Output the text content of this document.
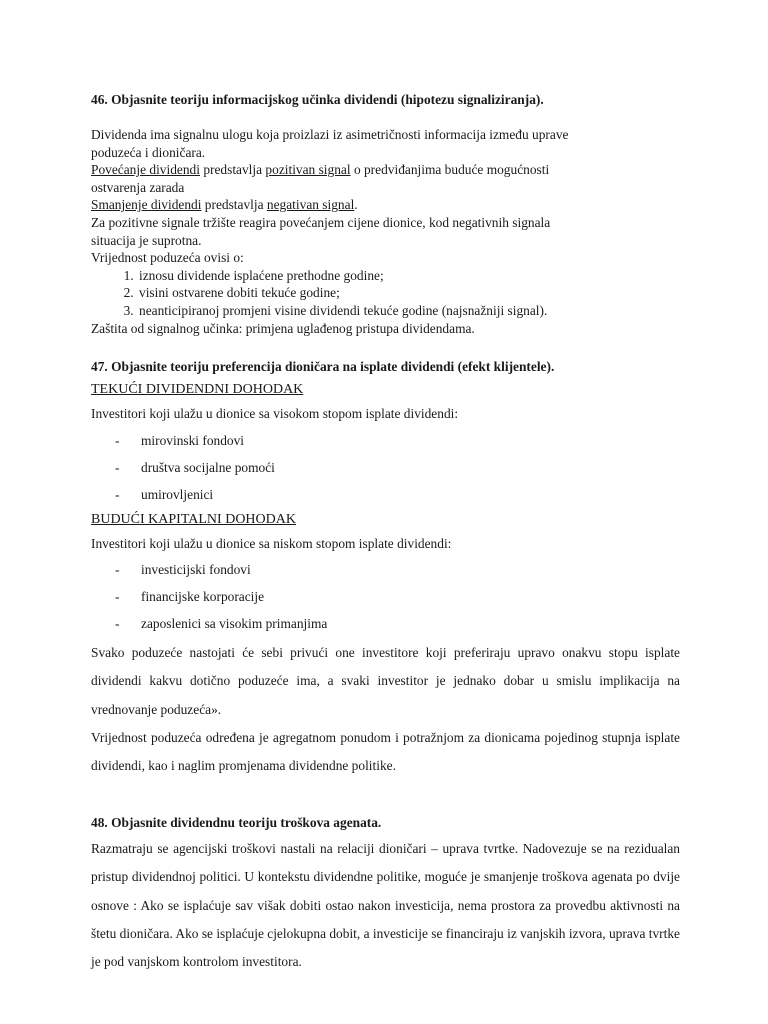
46. Objasnite teoriju informacijskog učinka dividendi (hipotezu signaliziranja).

Dividenda ima signalnu ulogu koja proizlazi iz asimetričnosti informacija između uprave

poduzeća i dioničara.

Povećanje dividendi predstavlja pozitivan signal o predviđanjima buduće mogućnosti

ostvarenja zarada

Smanjenje dividendi predstavlja negativan signal.

Za pozitivne signale tržište reagira povećanjem cijene dionice, kod negativnih signala

situacija je suprotna.

Vrijednost poduzeća ovisi o:

1. iznosu dividende isplaćene prethodne godine;
2. visini ostvarene dobiti tekuće godine;
3. neanticipiranoj promjeni visine dividendi tekuće godine (najsnažniji signal).

Zaštita od signalnog učinka: primjena uglađenog pristupa dividendama.

47. Objasnite teoriju preferencija dioničara na isplate dividendi (efekt klijentele).

TEKUĆI DIVIDENDNI DOHODAK

Investitori koji ulažu u dionice sa visokom stopom isplate dividendi:

- mirovinski fondovi
- društva socijalne pomoći
- umirovljenici

BUDUĆI KAPITALNI DOHODAK

Investitori koji ulažu u dionice sa niskom stopom isplate dividendi:

- investicijski fondovi
- financijske korporacije
- zaposlenici sa visokim primanjima

Svako poduzeće nastojati će sebi privući one investitore koji preferiraju upravo onakvu stopu isplate dividendi kakvu dotično poduzeće ima, a svaki investitor je jednako dobar u smislu implikacija na vrednovanje poduzeća».

Vrijednost poduzeća određena je agregatnom ponudom i potražnjom za dionicama pojedinog stupnja isplate dividendi, kao i naglim promjenama dividendne politike.

48. Objasnite dividendnu teoriju troškova agenata.

Razmatraju se agencijski troškovi nastali na relaciji dioničari – uprava tvrtke. Nadovezuje se na rezidualan pristup dividendnoj politici. U kontekstu dividendne politike, moguće je smanjenje troškova agenata po dvije osnove : Ako se isplaćuje sav višak dobiti ostao nakon investicija, nema prostora za provedbu aktivnosti na štetu dioničara. Ako se isplaćuje cjelokupna dobit, a investicije se financiraju iz vanjskih izvora, uprava tvrtke je pod vanjskom kontrolom investitora.
